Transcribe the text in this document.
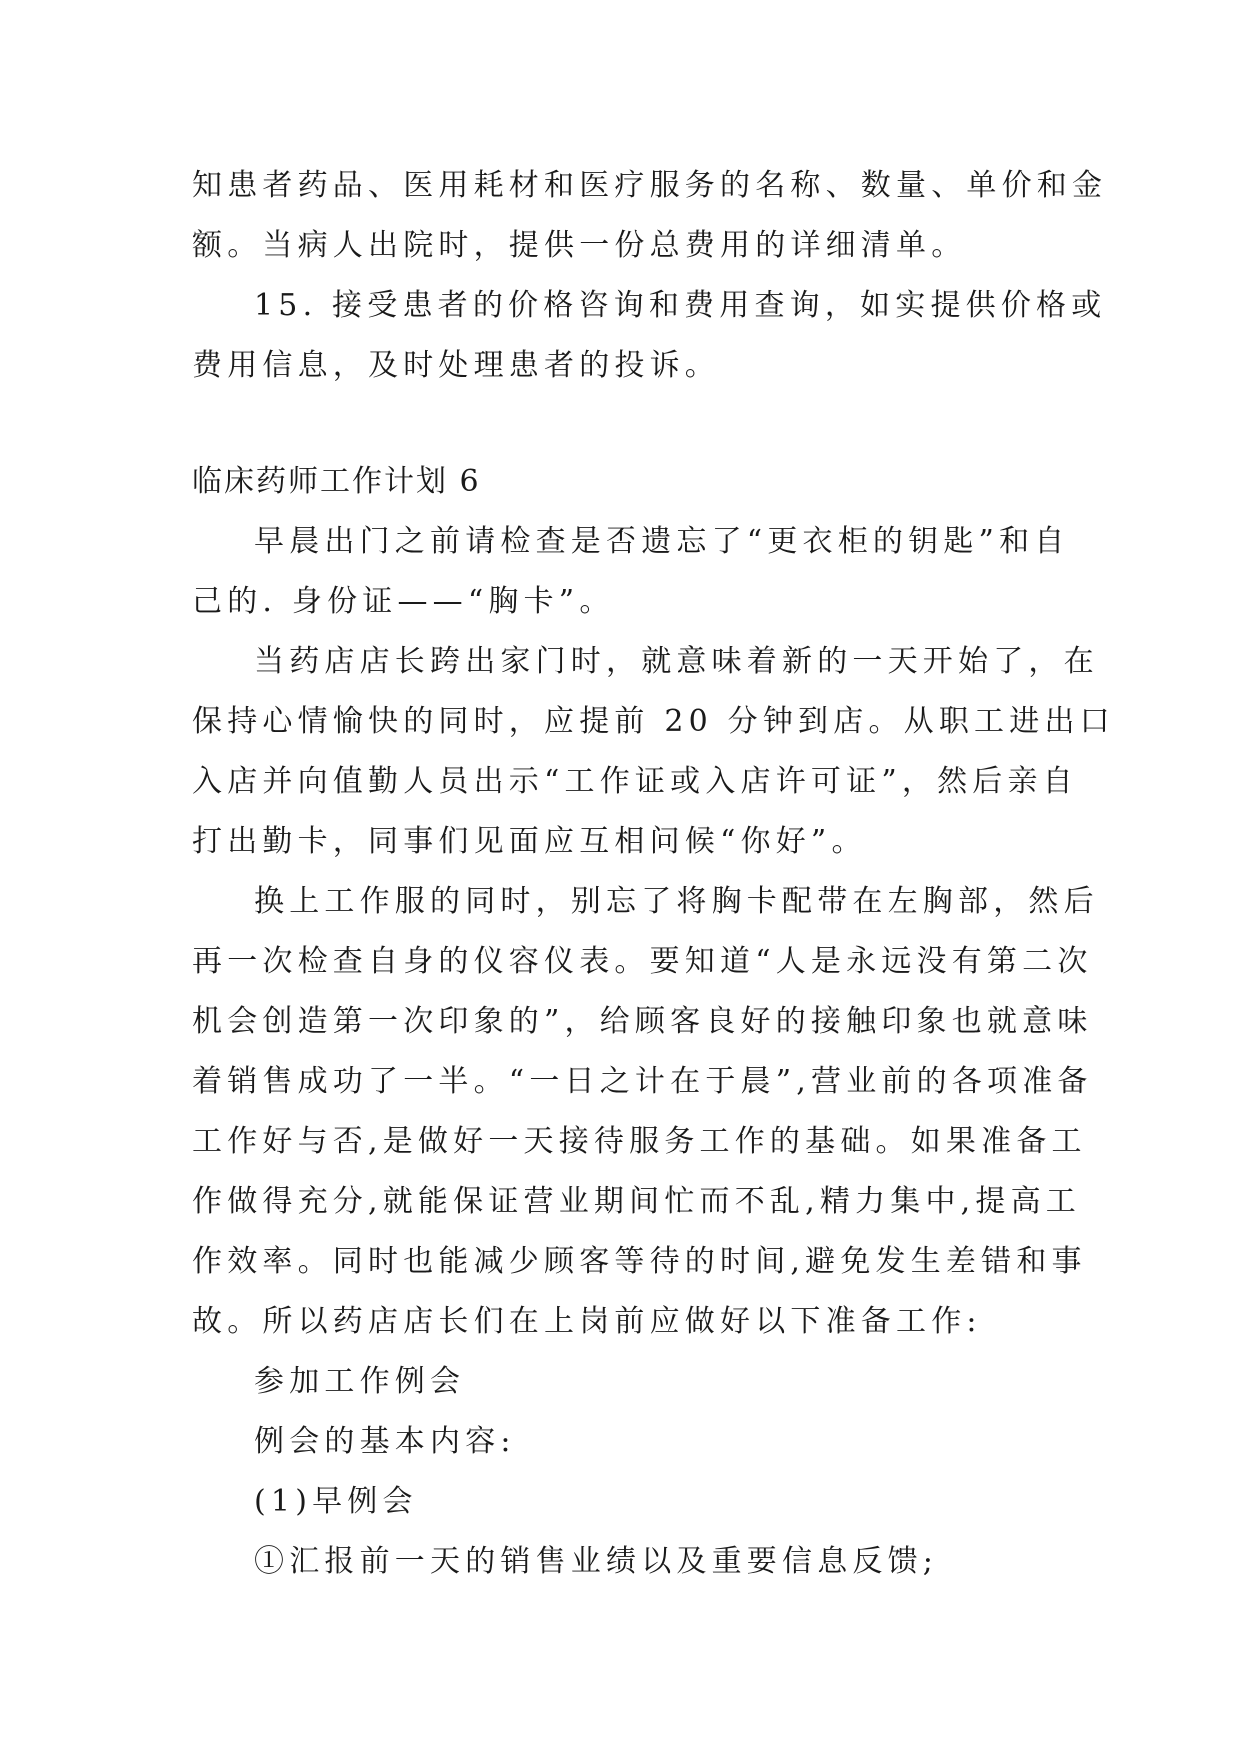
知患者药品、医用耗材和医疗服务的名称、数量、单价和金
额。当病人出院时，提供一份总费用的详细清单。
15. 接受患者的价格咨询和费用查询，如实提供价格或
费用信息，及时处理患者的投诉。
临床药师工作计划 6
早晨出门之前请检查是否遗忘了“更衣柜的钥匙”和自
己的. 身份证——“胸卡”。
当药店店长跨出家门时，就意味着新的一天开始了，在
保持心情愉快的同时，应提前 20 分钟到店。从职工进出口
入店并向值勤人员出示“工作证或入店许可证”，然后亲自
打出勤卡，同事们见面应互相问候“你好”。
换上工作服的同时，别忘了将胸卡配带在左胸部，然后
再一次检查自身的仪容仪表。要知道“人是永远没有第二次
机会创造第一次印象的”，给顾客良好的接触印象也就意味
着销售成功了一半。“一日之计在于晨”,营业前的各项准备
工作好与否,是做好一天接待服务工作的基础。如果准备工
作做得充分,就能保证营业期间忙而不乱,精力集中,提高工
作效率。同时也能减少顾客等待的时间,避免发生差错和事
故。所以药店店长们在上岗前应做好以下准备工作:
参加工作例会
例会的基本内容:
(1)早例会
①汇报前一天的销售业绩以及重要信息反馈;
